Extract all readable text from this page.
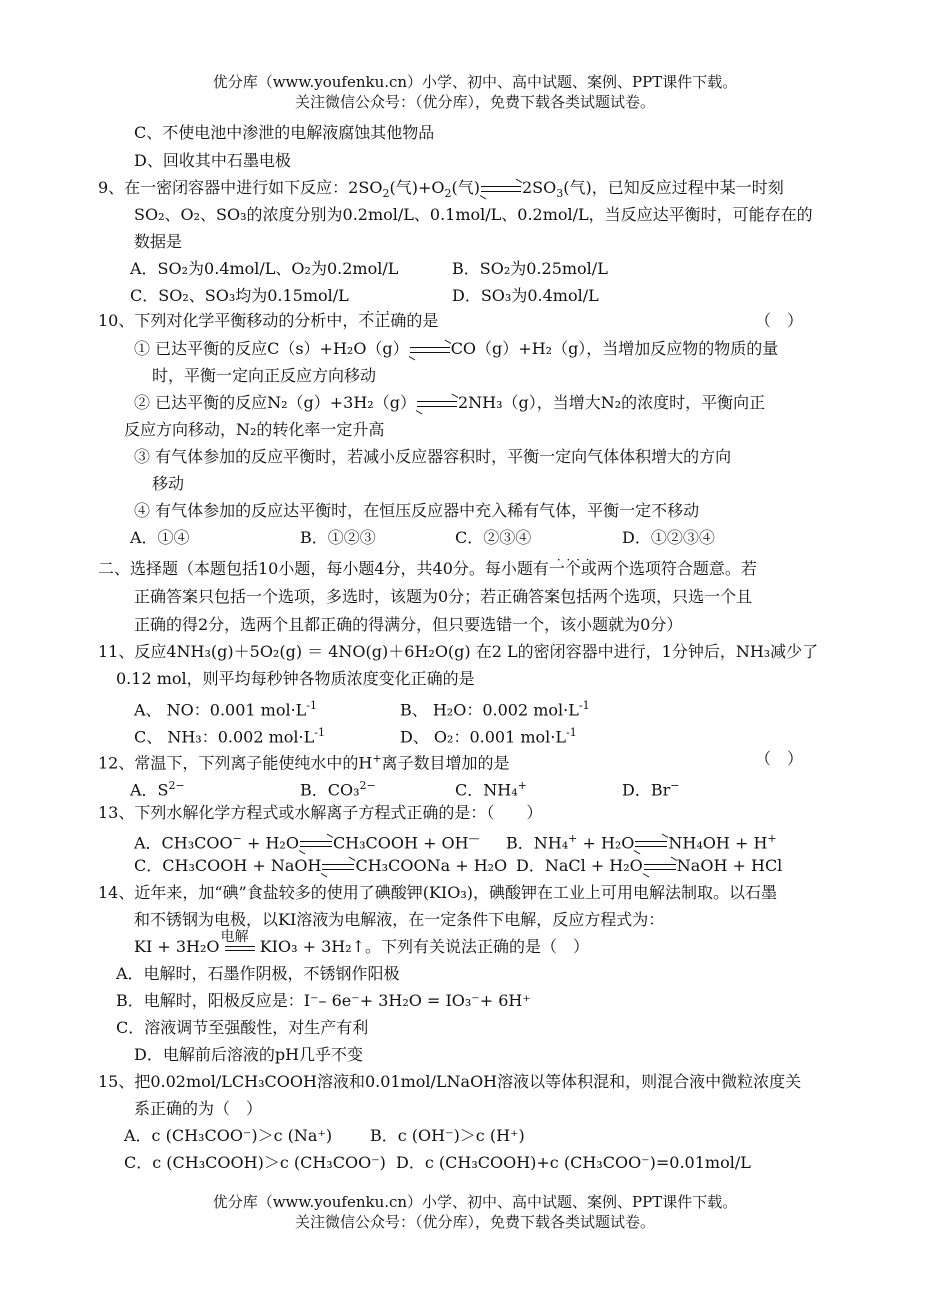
优分库（www.youfenku.cn）小学、初中、高中试题、案例、PPT课件下载。
关注微信公众号：（优分库），免费下载各类试题试卷。
C、不使电池中渗泄的电解液腐蚀其他物品
D、回收其中石墨电极
9、在一密闭容器中进行如下反应：$2SO_2$(气)$+O_2$(气)	$2SO_3$(气)，已知反应过程中某一时刻
SO₂、O₂、SO₃的浓度分别为0.2mol/L、0.1mol/L、0.2mol/L，当反应达平衡时，可能存在的
数据是
A．SO₂为0.4mol/L、O₂为0.2mol/L	B．SO₂为0.25mol/L
C．SO₂、SO₃均为0.15mol/L	D．SO₃为0.4mol/L
10、下列对化学平衡移动的分析中，不正确 · · ·的是	（　）
① 已达平衡的反应C（s）+H₂O（g）	CO（g）+H₂（g），当增加反应物的物质的量
时，平衡一定向正反应方向移动
② 已达平衡的反应N₂（g）+3H₂（g）	2NH₃（g），当增大N₂的浓度时，平衡向正
反应方向移动，N₂的转化率一定升高
③ 有气体参加的反应平衡时，若减小反应器容积时，平衡一定向气体体积增大的方向
移动
④ 有气体参加的反应达平衡时，在恒压反应器中充入稀有气体，平衡一定不移动
A．①④	B．①②③	C．②③④	D．①②③④
二、选择题（本题包括10小题，每小题4分，共40分。每小题有一个或两个 · · · ·选项符合题意。若
正确答案只包括一个选项，多选时，该题为0分；若正确答案包括两个选项，只选一个且
正确的得2分，选两个且都正确的得满分，但只要选错一个，该小题就为0分）
11、反应4NH₃(g)＋5O₂(g) ＝ 4NO(g)＋6H₂O(g) 在2 L的密闭容器中进行，1分钟后，NH₃减少了
0.12 mol，则平均每秒钟各物质浓度变化正确的是
A、 NO：0.001 $mol\cdot L^{-1}$	B、 H₂O：0.002 $mol\cdot L^{-1}$
C、 NH₃：0.002 $mol\cdot L^{-1}$	D、 O₂：0.001 $mol\cdot L^{-1}$
12、常温下，下列离子能使纯水中的H+离子数目增加的是	（　）
A．$S^{2-}$	B．CO₃$^{2-}$	C．NH₄+	D．Br−
13、下列水解化学方程式或水解离子方程式正确的是：（　　）
A．CH₃COO− + H₂O CH₃COOH + OH— B．NH₄+ + H₂O NH₄OH + H+
C．CH₃COOH + NaOH CH₃COONa + H₂O D．NaCl + H₂O NaOH + HCl
14、近年来，加“碘”食盐较多的使用了碘酸钾(KIO₃)，碘酸钾在工业上可用电解法制取。以石墨
和不锈钢为电极，以KI溶液为电解液，在一定条件下电解，反应方程式为：
KI + 3H₂O 电解 KIO₃ + 3H₂↑。下列有关说法正确的是（　）
A．电解时，石墨作阴极，不锈钢作阳极
B．电解时，阳极反应是：I⁻– 6e⁻+ 3H₂O = IO₃⁻+ 6H⁺
C．溶液调节至强酸性，对生产有利
D．电解前后溶液的pH几乎不变
15、把0.02mol/LCH₃COOH溶液和0.01mol/LNaOH溶液以等体积混和，则混合液中微粒浓度关
系正确的为（　）
A．c (CH₃COO⁻)＞c (Na⁺) B．c (OH⁻)＞c (H⁺)
C．c (CH₃COOH)＞c (CH₃COO⁻) D．c (CH₃COOH)+c (CH₃COO⁻)=0.01mol/L
优分库（www.youfenku.cn）小学、初中、高中试题、案例、PPT课件下载。
关注微信公众号：（优分库），免费下载各类试题试卷。
